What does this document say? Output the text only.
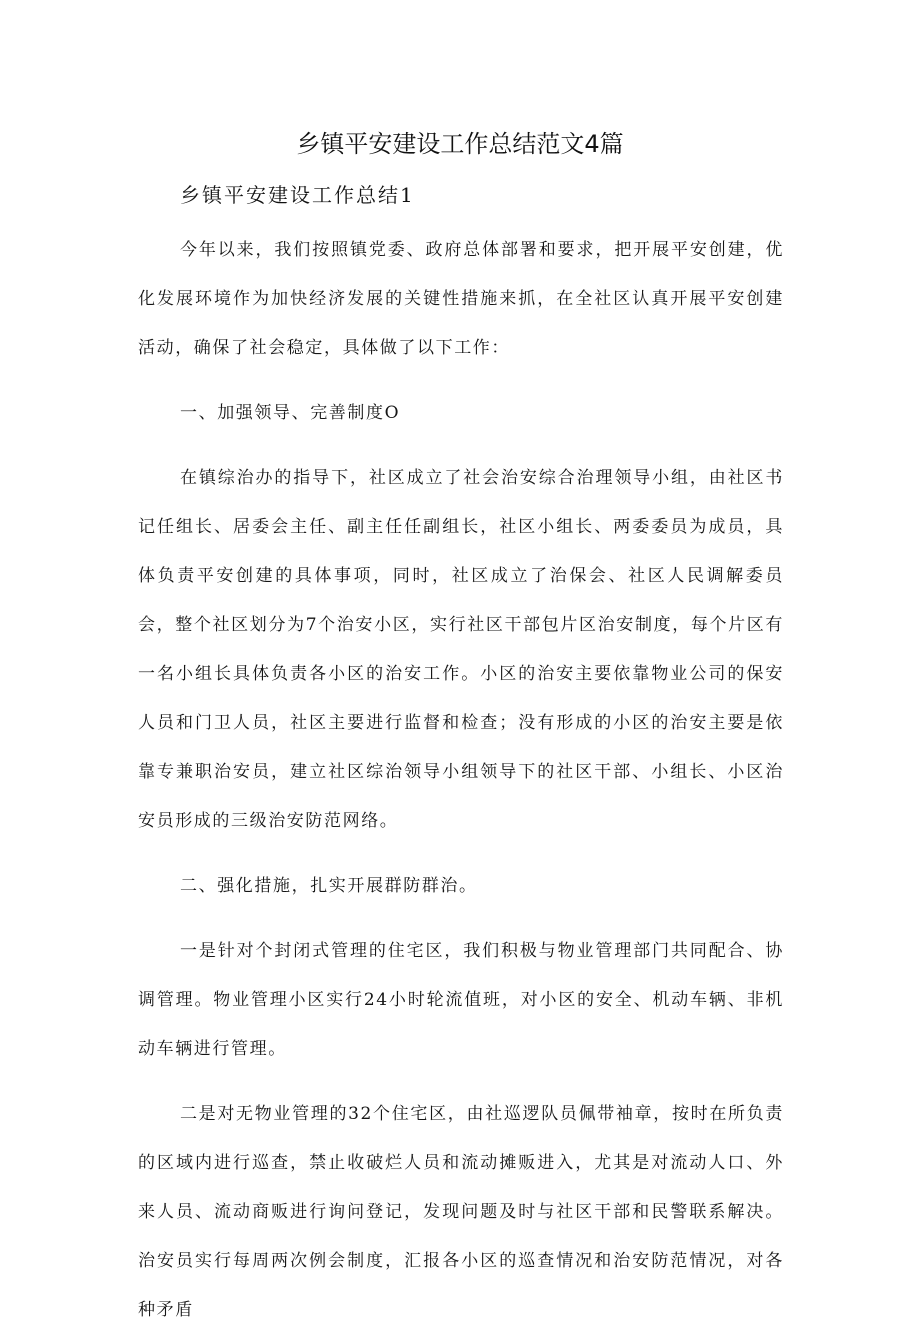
乡镇平安建设工作总结范文4篇
乡镇平安建设工作总结1

今年以来，我们按照镇党委、政府总体部署和要求，把开展平安创建，优化发展环境作为加快经济发展的关键性措施来抓，在全社区认真开展平安创建活动，确保了社会稳定，具体做了以下工作：

一、加强领导、完善制度O

在镇综治办的指导下，社区成立了社会治安综合治理领导小组，由社区书记任组长、居委会主任、副主任任副组长，社区小组长、两委委员为成员，具体负责平安创建的具体事项，同时，社区成立了治保会、社区人民调解委员会，整个社区划分为7个治安小区，实行社区干部包片区治安制度，每个片区有一名小组长具体负责各小区的治安工作。小区的治安主要依靠物业公司的保安人员和门卫人员，社区主要进行监督和检查；没有形成的小区的治安主要是依靠专兼职治安员，建立社区综治领导小组领导下的社区干部、小组长、小区治安员形成的三级治安防范网络。

二、强化措施，扎实开展群防群治。

一是针对个封闭式管理的住宅区，我们积极与物业管理部门共同配合、协调管理。物业管理小区实行24小时轮流值班，对小区的安全、机动车辆、非机动车辆进行管理。

二是对无物业管理的32个住宅区，由社巡逻队员佩带袖章，按时在所负责的区域内进行巡查，禁止收破烂人员和流动摊贩进入，尤其是对流动人口、外来人员、流动商贩进行询问登记，发现问题及时与社区干部和民警联系解决。治安员实行每周两次例会制度，汇报各小区的巡查情况和治安防范情况，对各种矛盾
